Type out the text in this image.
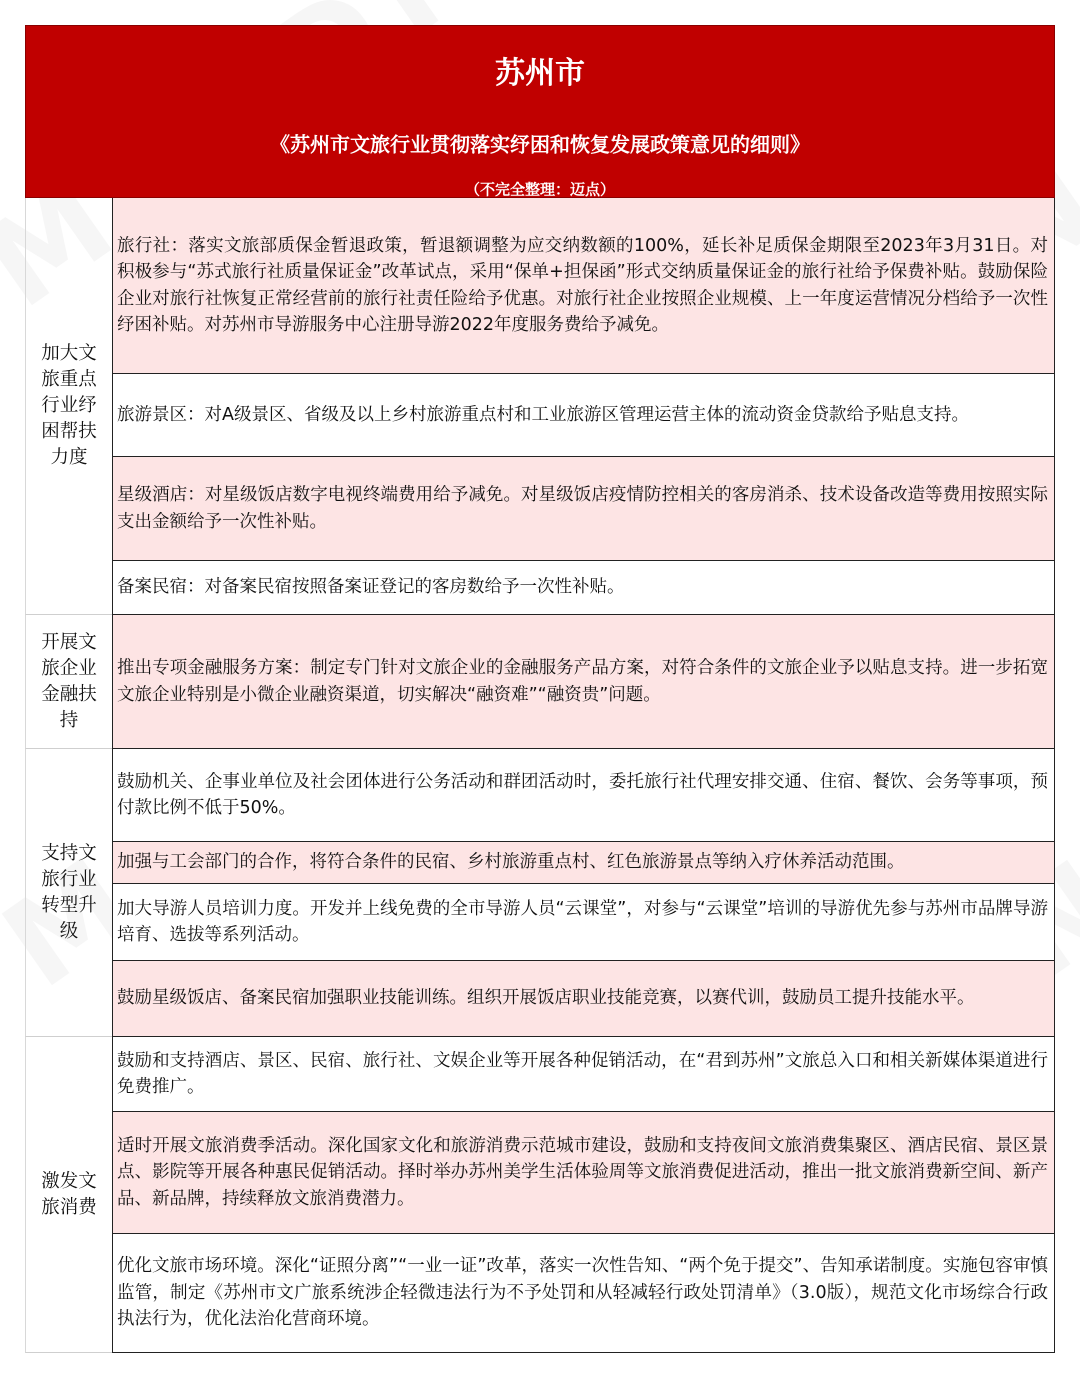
苏州市
《苏州市文旅行业贯彻落实纾困和恢复发展政策意见的细则》
（不完全整理：迈点）
加大文旅重点行业纾困帮扶力度
旅行社：落实文旅部质保金暂退政策，暂退额调整为应交纳数额的100%，延长补足质保金期限至2023年3月31日。对积极参与“苏式旅行社质量保证金”改革试点，采用“保单+担保函”形式交纳质量保证金的旅行社给予保费补贴。鼓励保险企业对旅行社恢复正常经营前的旅行社责任险给予优惠。对旅行社企业按照企业规模、上一年度运营情况分档给予一次性纾困补贴。对苏州市导游服务中心注册导游2022年度服务费给予减免。
旅游景区：对A级景区、省级及以上乡村旅游重点村和工业旅游区管理运营主体的流动资金贷款给予贴息支持。
星级酒店：对星级饭店数字电视终端费用给予减免。对星级饭店疫情防控相关的客房消杀、技术设备改造等费用按照实际支出金额给予一次性补贴。
备案民宿：对备案民宿按照备案证登记的客房数给予一次性补贴。
开展文旅企业金融扶持
推出专项金融服务方案：制定专门针对文旅企业的金融服务产品方案，对符合条件的文旅企业予以贴息支持。进一步拓宽文旅企业特别是小微企业融资渠道，切实解决“融资难”“融资贵”问题。
支持文旅行业转型升级
鼓励机关、企事业单位及社会团体进行公务活动和群团活动时，委托旅行社代理安排交通、住宿、餐饮、会务等事项，预付款比例不低于50%。
加强与工会部门的合作，将符合条件的民宿、乡村旅游重点村、红色旅游景点等纳入疗休养活动范围。
加大导游人员培训力度。开发并上线免费的全市导游人员“云课堂”，对参与“云课堂”培训的导游优先参与苏州市品牌导游培育、选拔等系列活动。
鼓励星级饭店、备案民宿加强职业技能训练。组织开展饭店职业技能竞赛，以赛代训，鼓励员工提升技能水平。
激发文旅消费
鼓励和支持酒店、景区、民宿、旅行社、文娱企业等开展各种促销活动，在“君到苏州”文旅总入口和相关新媒体渠道进行免费推广。
适时开展文旅消费季活动。深化国家文化和旅游消费示范城市建设，鼓励和支持夜间文旅消费集聚区、酒店民宿、景区景点、影院等开展各种惠民促销活动。择时举办苏州美学生活体验周等文旅消费促进活动，推出一批文旅消费新空间、新产品、新品牌，持续释放文旅消费潜力。
优化文旅市场环境。深化“证照分离”“一业一证”改革，落实一次性告知、“两个免于提交”、告知承诺制度。实施包容审慎监管，制定《苏州市文广旅系统涉企轻微违法行为不予处罚和从轻减轻行政处罚清单》（3.0版），规范文化市场综合行政执法行为，优化法治化营商环境。
